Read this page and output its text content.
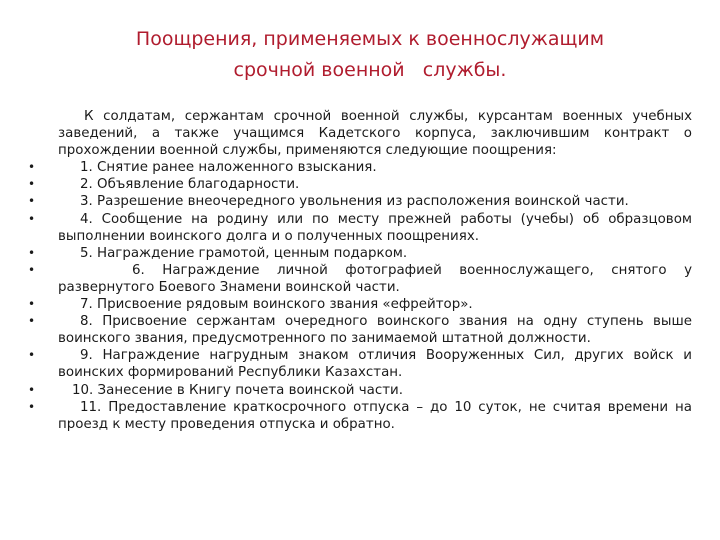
Поощрения, применяемых к военнослужащим
срочной военной   службы.
К солдатам, сержантам срочной военной службы, курсантам военных учебных заведений, а также учащимся Кадетского корпуса, заключившим контракт о прохождении военной службы, применяются следующие поощрения:
•	1. Снятие ранее наложенного взыскания.
•	2. Объявление благодарности.
•	3. Разрешение внеочередного увольнения из расположения воинской части.
•	4. Сообщение на родину или по месту прежней работы (учебы) об образцовом выполнении воинского долга и о полученных поощрениях.
•	5. Награждение грамотой, ценным подарком.
•	6. Награждение личной фотографией военнослужащего, снятого у развернутого Боевого Знамени воинской части.
•	7. Присвоение рядовым воинского звания «ефрейтор».
•	8. Присвоение сержантам очередного воинского звания на одну ступень выше воинского звания, предусмотренного по занимаемой штатной должности.
•	9. Награждение нагрудным знаком отличия Вооруженных Сил, других войск и воинских формирований Республики Казахстан.
•	10. Занесение в Книгу почета воинской части.
•	11. Предоставление краткосрочного отпуска – до 10 суток, не считая времени на проезд к месту проведения отпуска и обратно.
